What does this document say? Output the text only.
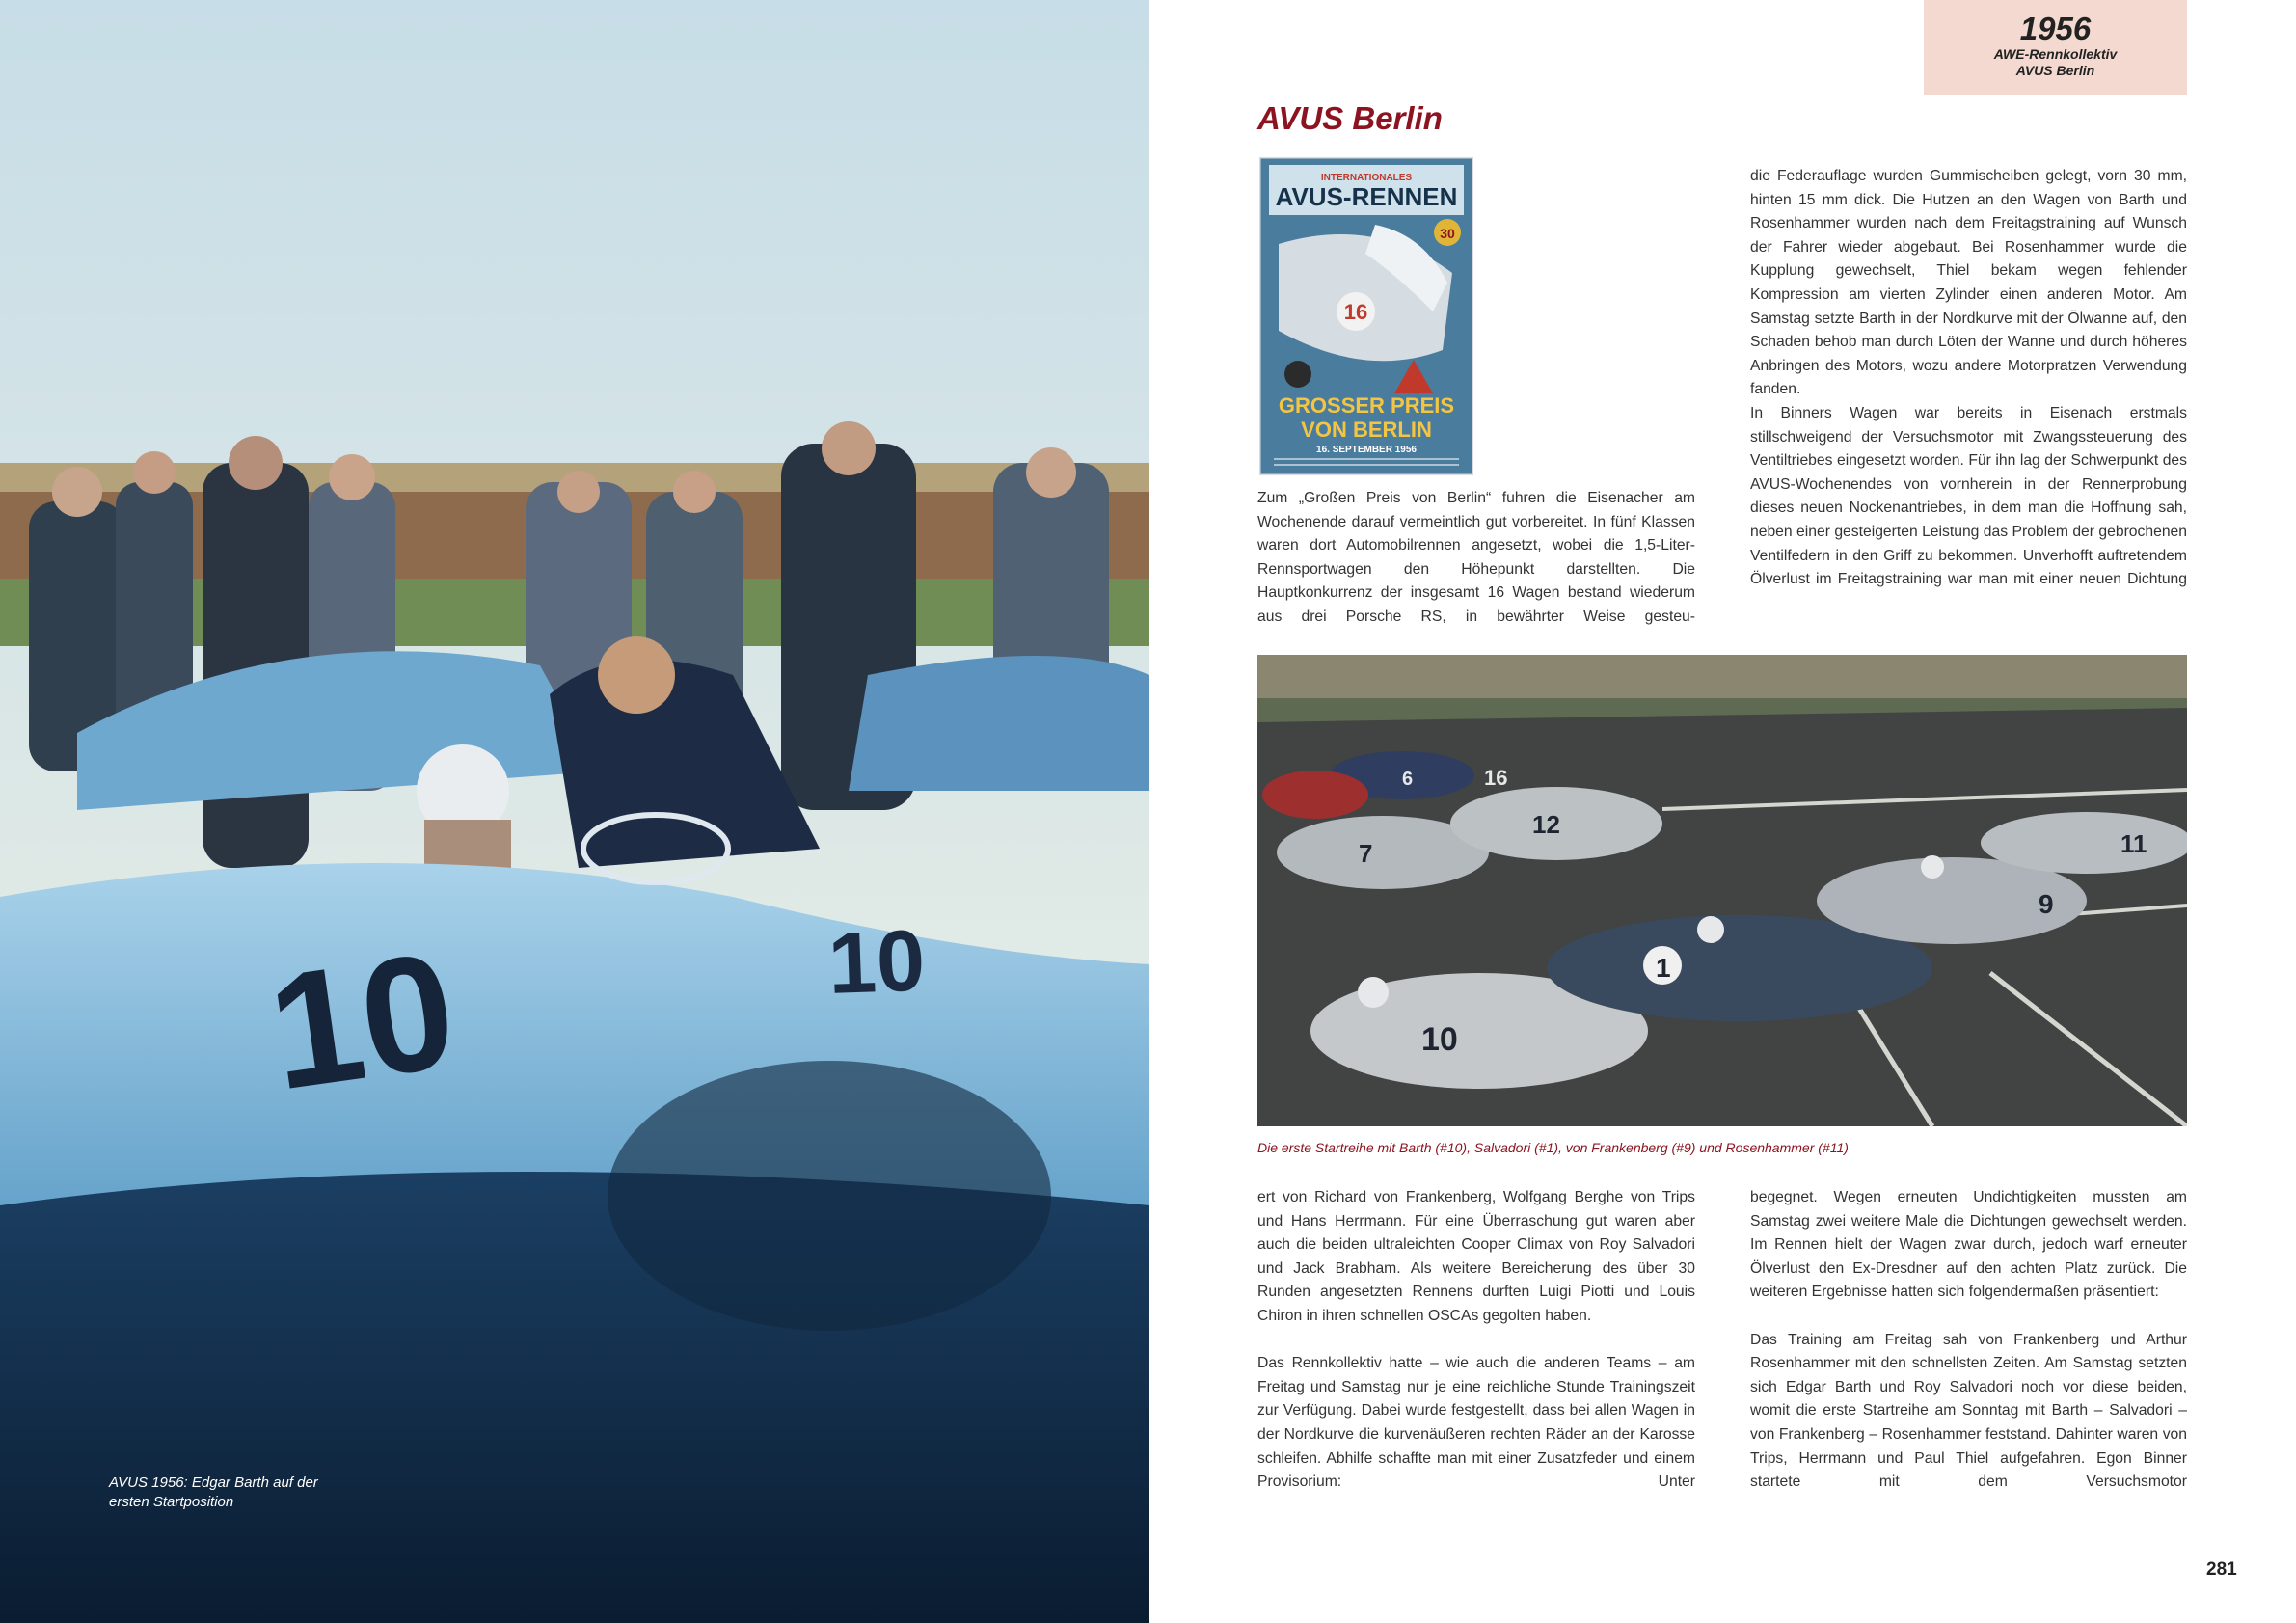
10	10
AVUS 1956: Edgar Barth auf der
ersten Startposition
1956
AWE-Rennkollektiv
AVUS Berlin
AVUS Berlin
INTERNATIONALES
AVUS-RENNEN
30
16
GROSSER PREIS
VON BERLIN
16. SEPTEMBER 1956

Zum „Großen Preis von Berlin“ fuhren die Eisenacher am Wochenende darauf vermeintlich gut vorbereitet. In fünf Klassen waren dort Automobilrennen angesetzt, wobei die 1,5-Liter-Rennsportwagen den Höhepunkt darstellten. Die Hauptkonkurrenz der insgesamt 16 Wagen bestand wiederum aus drei Porsche RS, in bewährter Weise gesteu-

die Federauflage wurden Gummischeiben gelegt, vorn 30 mm, hinten 15 mm dick. Die Hutzen an den Wagen von Barth und Rosenhammer wurden nach dem Freitagstraining auf Wunsch der Fahrer wieder abgebaut. Bei Rosenhammer wurde die Kupplung gewechselt, Thiel bekam wegen fehlender Kompression am vierten Zylinder einen anderen Motor. Am Samstag setzte Barth in der Nordkurve mit der Ölwanne auf, den Schaden behob man durch Löten der Wanne und durch höheres Anbringen des Motors, wozu andere Motorpratzen Verwendung fanden.

In Binners Wagen war bereits in Eisenach erstmals stillschweigend der Versuchsmotor mit Zwangssteuerung des Ventiltriebes eingesetzt worden. Für ihn lag der Schwerpunkt des AVUS-Wochenendes von vornherein in der Rennerprobung dieses neuen Nockenantriebes, in dem man die Hoffnung sah, neben einer gesteigerten Leistung das Problem der gebrochenen Ventilfedern in den Griff zu bekommen. Unverhofft auftretendem Ölverlust im Freitagstraining war man mit einer neuen Dichtung

10
1
9
11
7
12
16
6
Die erste Startreihe mit Barth (#10), Salvadori (#1), von Frankenberg (#9) und Rosenhammer (#11)

ert von Richard von Frankenberg, Wolfgang Berghe von Trips und Hans Herrmann. Für eine Überraschung gut waren aber auch die beiden ultraleichten Cooper Climax von Roy Salvadori und Jack Brabham. Als weitere Bereicherung des über 30 Runden angesetzten Rennens durften Luigi Piotti und Louis Chiron in ihren schnellen OSCAs gegolten haben.

Das Rennkollektiv hatte – wie auch die anderen Teams – am Freitag und Samstag nur je eine reichliche Stunde Trainingszeit zur Verfügung. Dabei wurde festgestellt, dass bei allen Wagen in der Nordkurve die kurvenäußeren rechten Räder an der Karosse schleifen. Abhilfe schaffte man mit einer Zusatzfeder und einem Provisorium: Unter

begegnet. Wegen erneuten Undichtigkeiten mussten am Samstag zwei weitere Male die Dichtungen gewechselt werden. Im Rennen hielt der Wagen zwar durch, jedoch warf erneuter Ölverlust den Ex-Dresdner auf den achten Platz zurück. Die weiteren Ergebnisse hatten sich folgendermaßen präsentiert:

Das Training am Freitag sah von Frankenberg und Arthur Rosenhammer mit den schnellsten Zeiten. Am Samstag setzten sich Edgar Barth und Roy Salvadori noch vor diese beiden, womit die erste Startreihe am Sonntag mit Barth – Salvadori – von Frankenberg – Rosenhammer feststand. Dahinter waren von Trips, Herrmann und Paul Thiel aufgefahren. Egon Binner startete mit dem Versuchsmotor

281
